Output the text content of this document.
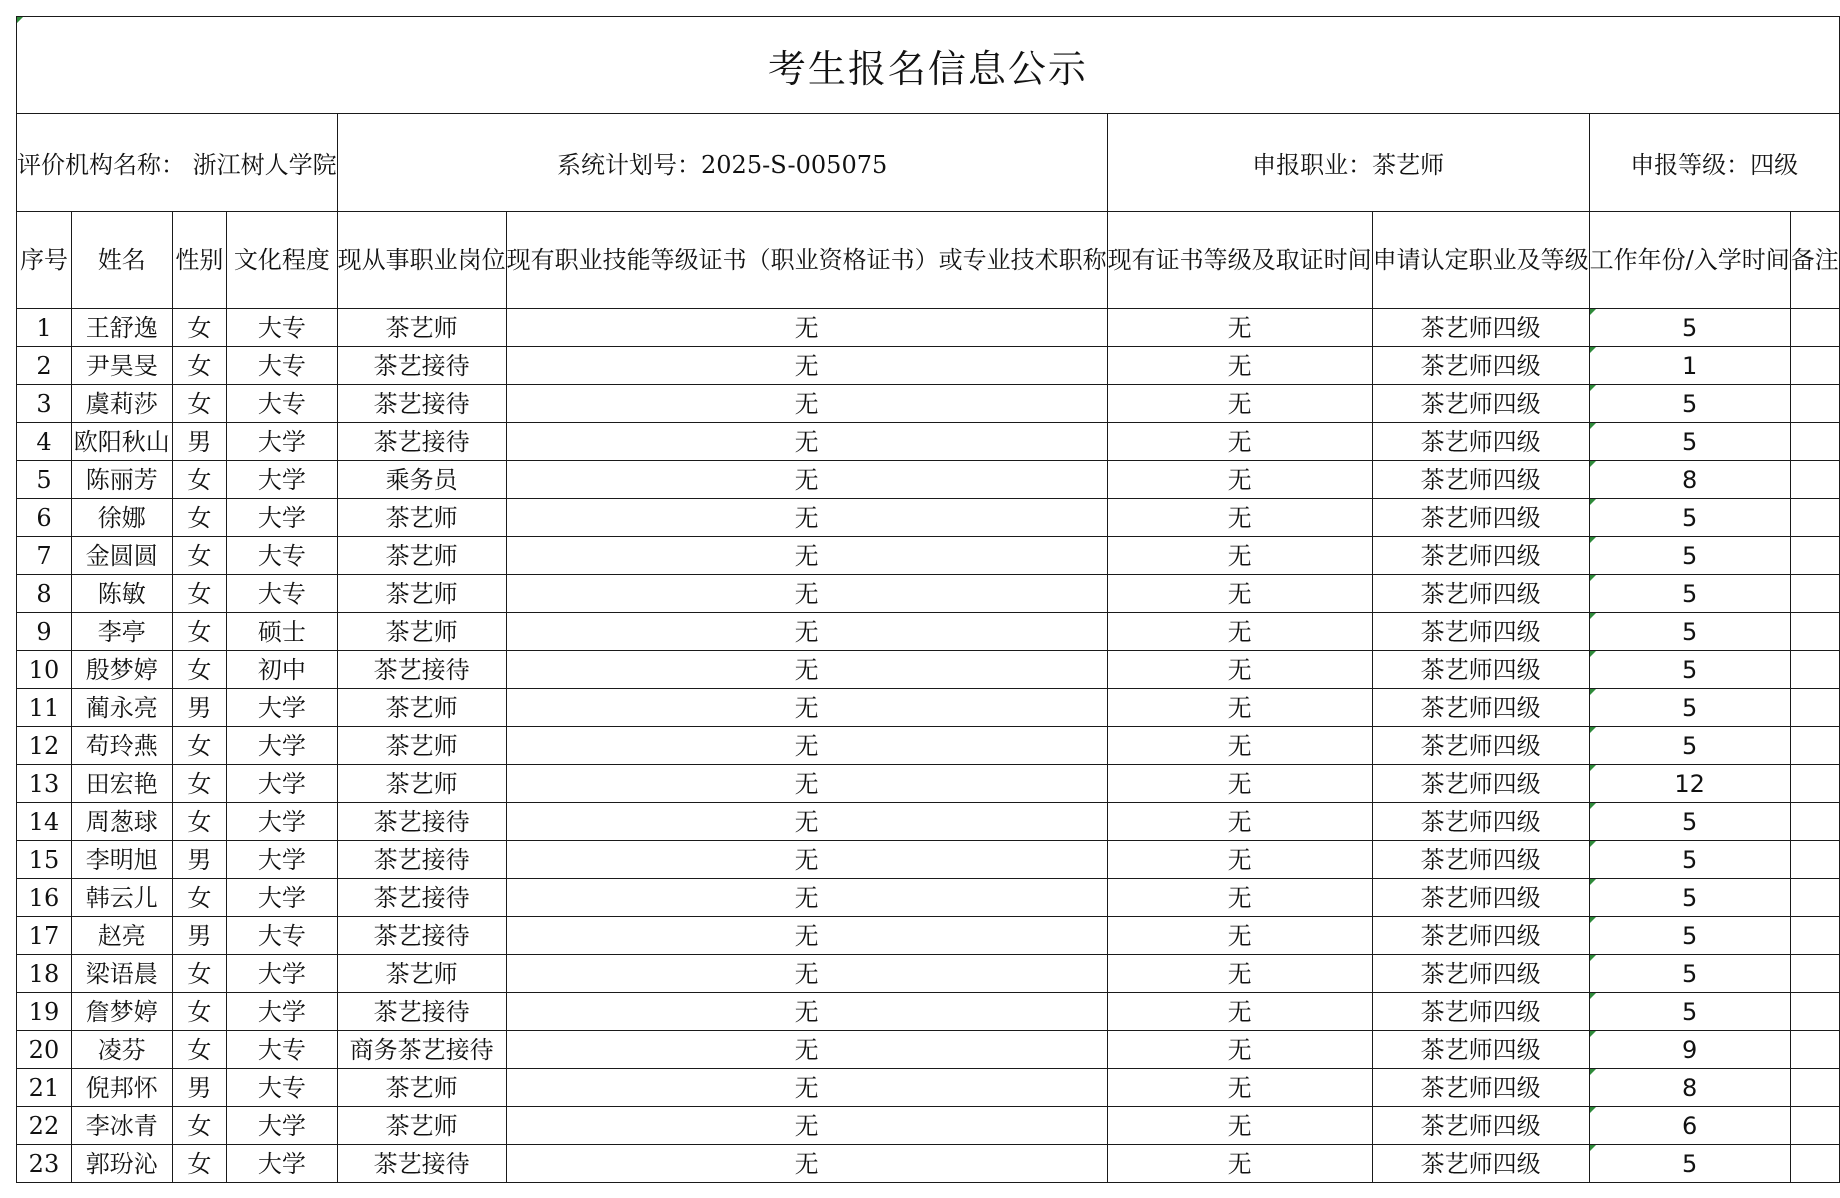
考生报名信息公示									
评价机构名称： 浙江树人学院				系统计划号：2025-S-005075		申报职业：茶艺师		申报等级：四级	
序号	姓名	性别	文化程度	现从事职业岗位	现有职业技能等级证书（职业资格证书）或专业技术职称	现有证书等级及取证时间	申请认定职业及等级	工作年份/入学时间	备注
1	王舒逸	女	大专	茶艺师	无	无	茶艺师四级	5	
2	尹昊旻	女	大专	茶艺接待	无	无	茶艺师四级	1	
3	虞莉莎	女	大专	茶艺接待	无	无	茶艺师四级	5	
4	欧阳秋山	男	大学	茶艺接待	无	无	茶艺师四级	5	
5	陈丽芳	女	大学	乘务员	无	无	茶艺师四级	8	
6	徐娜	女	大学	茶艺师	无	无	茶艺师四级	5	
7	金圆圆	女	大专	茶艺师	无	无	茶艺师四级	5	
8	陈敏	女	大专	茶艺师	无	无	茶艺师四级	5	
9	李亭	女	硕士	茶艺师	无	无	茶艺师四级	5	
10	殷梦婷	女	初中	茶艺接待	无	无	茶艺师四级	5	
11	蔺永亮	男	大学	茶艺师	无	无	茶艺师四级	5	
12	苟玲燕	女	大学	茶艺师	无	无	茶艺师四级	5	
13	田宏艳	女	大学	茶艺师	无	无	茶艺师四级	12	
14	周葱球	女	大学	茶艺接待	无	无	茶艺师四级	5	
15	李明旭	男	大学	茶艺接待	无	无	茶艺师四级	5	
16	韩云儿	女	大学	茶艺接待	无	无	茶艺师四级	5	
17	赵亮	男	大专	茶艺接待	无	无	茶艺师四级	5	
18	梁语晨	女	大学	茶艺师	无	无	茶艺师四级	5	
19	詹梦婷	女	大学	茶艺接待	无	无	茶艺师四级	5	
20	凌芬	女	大专	商务茶艺接待	无	无	茶艺师四级	9	
21	倪邦怀	男	大专	茶艺师	无	无	茶艺师四级	8	
22	李冰青	女	大学	茶艺师	无	无	茶艺师四级	6	
23	郭玢沁	女	大学	茶艺接待	无	无	茶艺师四级	5	
